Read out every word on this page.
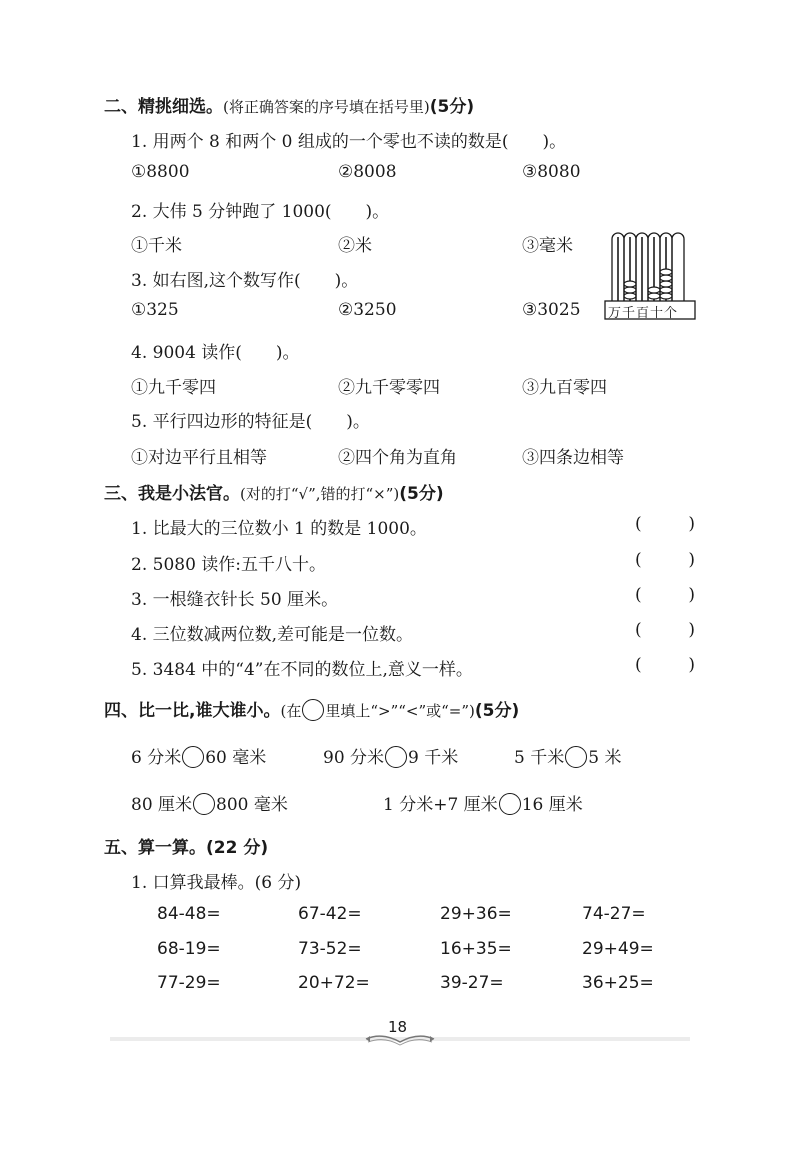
二、精挑细选。(将正确答案的序号填在括号里)(5分)
1. 用两个 8 和两个 0 组成的一个零也不读的数是(　　)。
①8800	②8008	③8080
2. 大伟 5 分钟跑了 1000(　　)。
①千米	②米	③毫米
3. 如右图,这个数写作(　　)。
①325	②3250	③3025 万千百十个
4. 9004 读作(　　)。
①九千零四	②九千零零四	③九百零四
5. 平行四边形的特征是(　　)。
①对边平行且相等	②四个角为直角	③四条边相等
三、我是小法官。(对的打“√”,错的打“×”)(5分)
1. 比最大的三位数小 1 的数是 1000。	(	)
2. 5080 读作:五千八十。	(	)
3. 一根缝衣针长 50 厘米。	(	)
4. 三位数减两位数,差可能是一位数。	(	)
5. 3484 中的“4”在不同的数位上,意义一样。	(	)
四、比一比,谁大谁小。(在 里填上“>”“<”或“=”)(5分)
6 分米 60 毫米	90 分米 9 千米	5 千米 5 米
80 厘米 800 毫米	1 分米+7 厘米 16 厘米
五、算一算。(22 分)
1. 口算我最棒。(6 分)
84-48=	67-42=	29+36=	74-27=
68-19=	73-52=	16+35=	29+49=
77-29=	20+72=	39-27=	36+25=
18
